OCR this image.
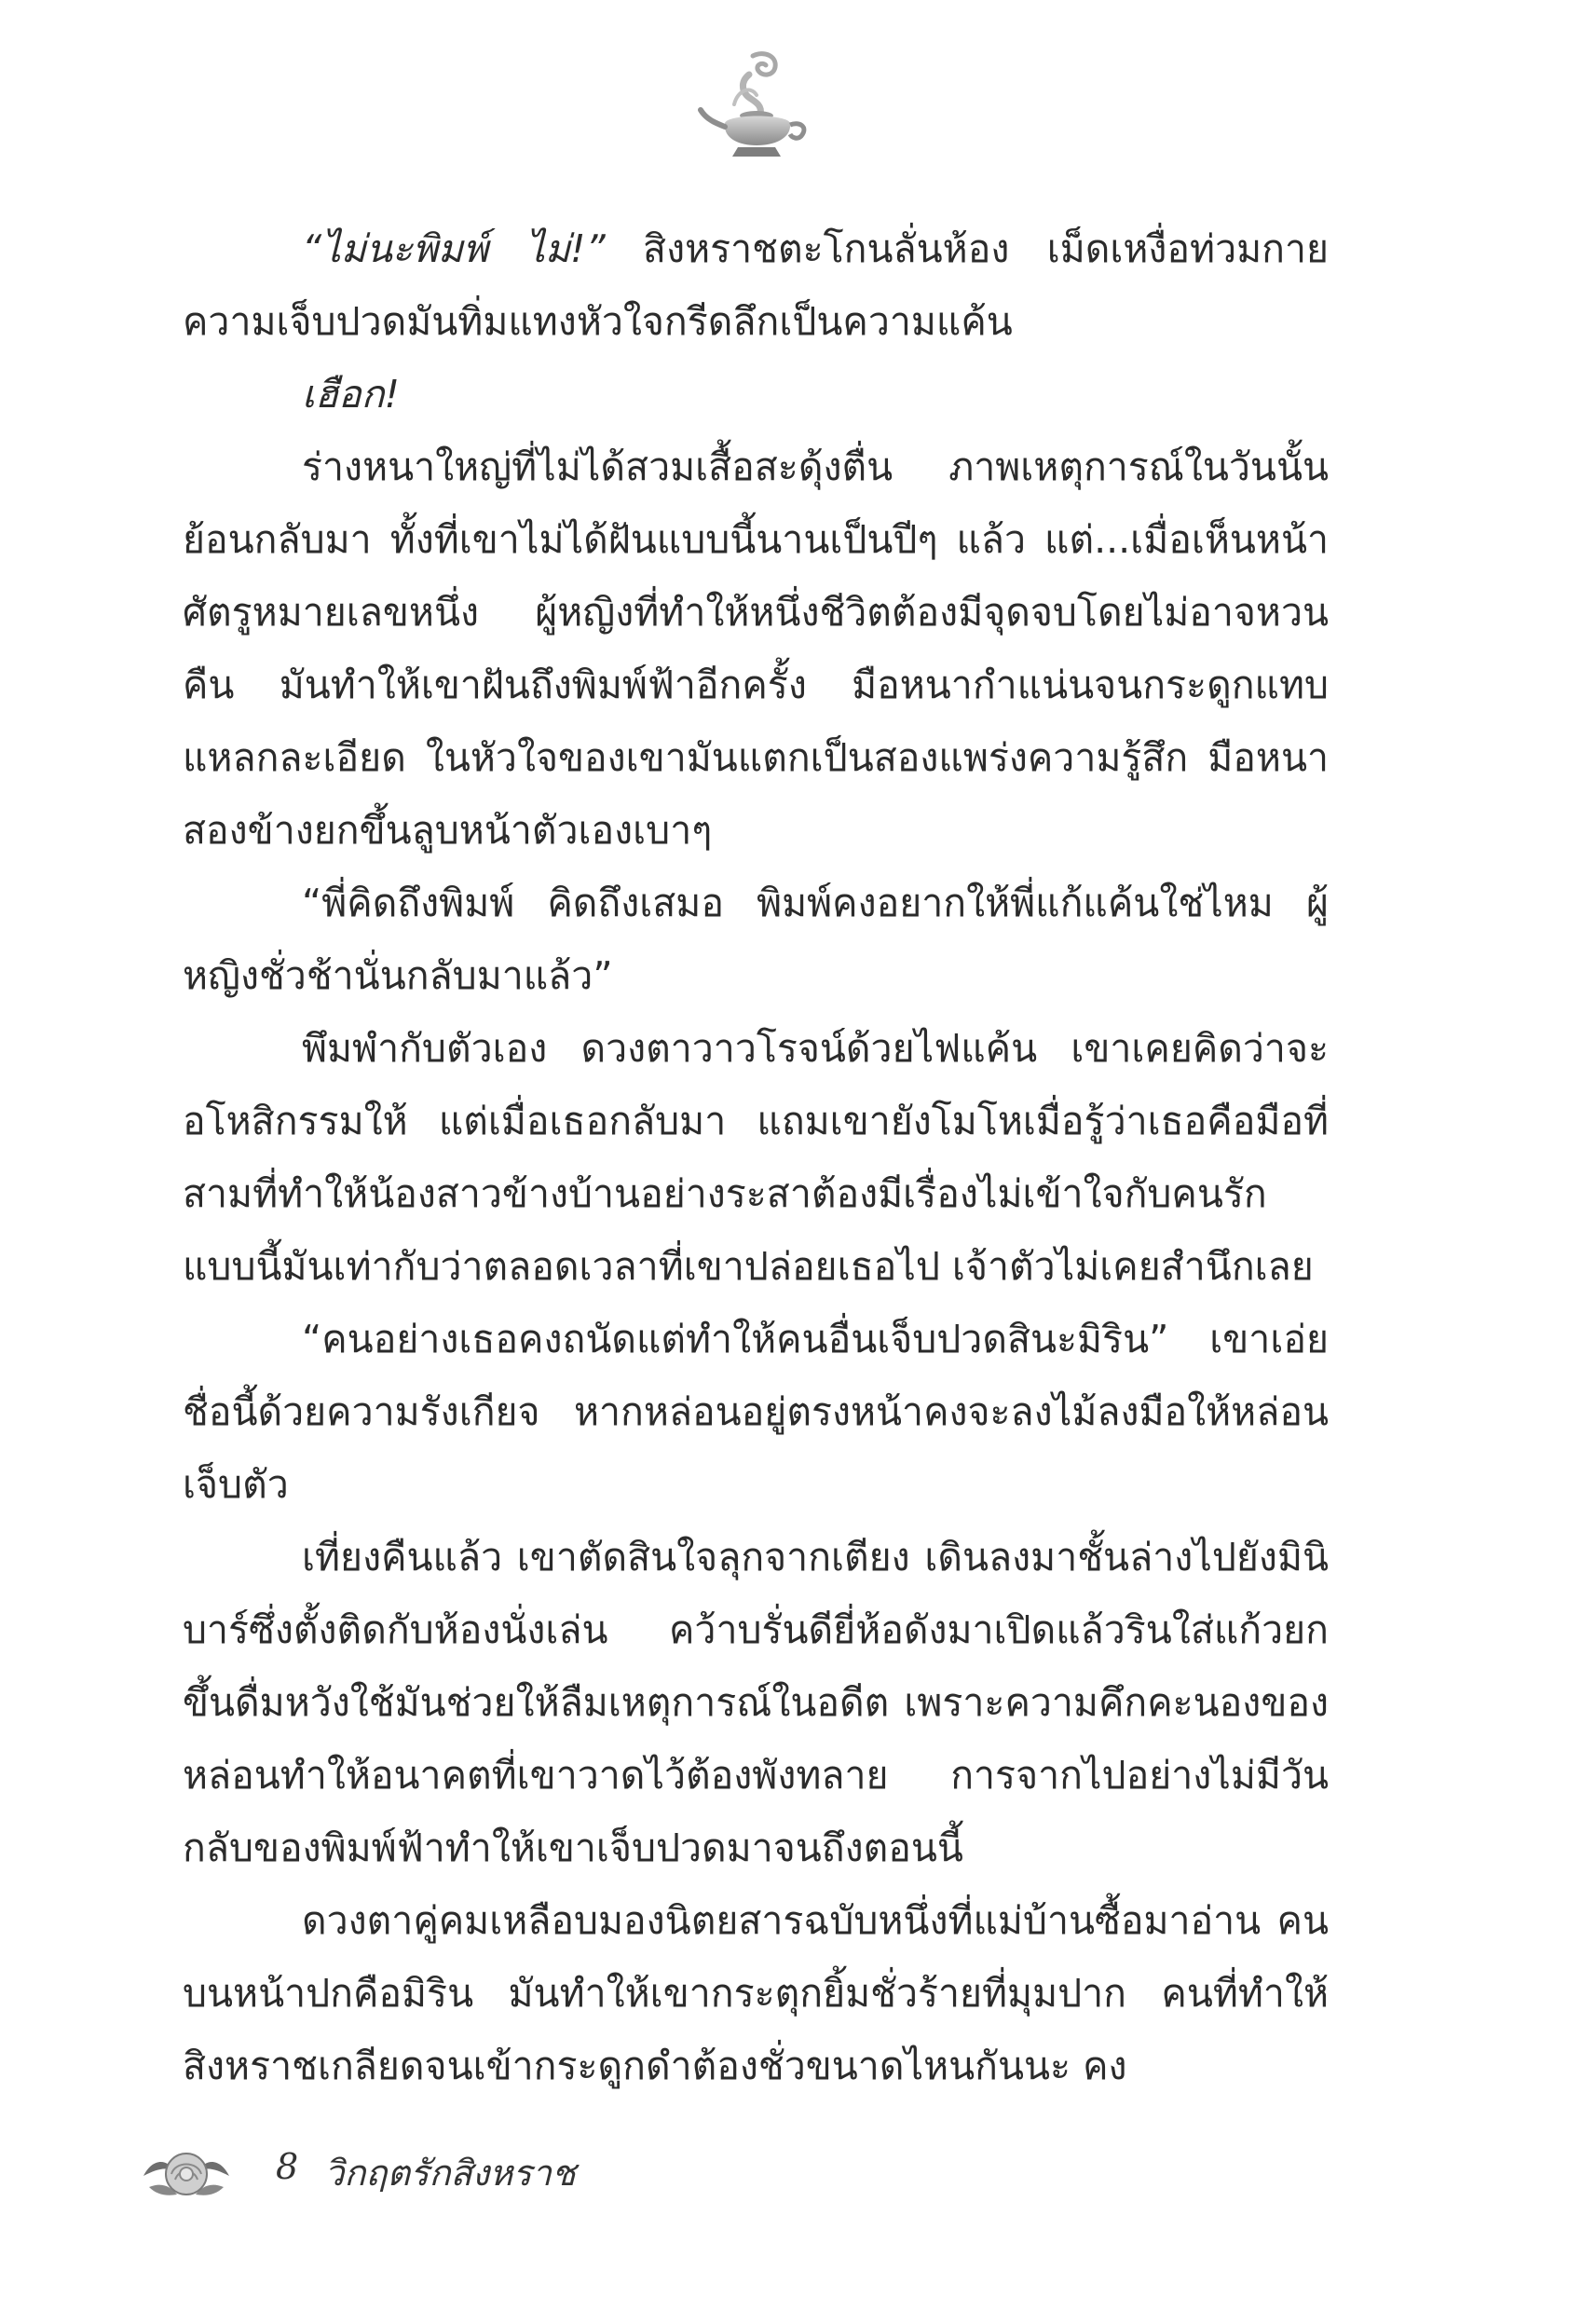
“ไม่นะพิมพ์ ไม่!” สิงหราชตะโกนลั่นห้อง เม็ดเหงื่อท่วมกาย ความเจ็บปวดมันทิ่มแทงหัวใจกรีดลึกเป็นความแค้น

เฮือก!

ร่างหนาใหญ่ที่ไม่ได้สวมเสื้อสะดุ้งตื่น ภาพเหตุการณ์ในวันนั้นย้อนกลับมา ทั้งที่เขาไม่ได้ฝันแบบนี้นานเป็นปีๆ แล้ว แต่...เมื่อเห็นหน้าศัตรูหมายเลขหนึ่ง ผู้หญิงที่ทำให้หนึ่งชีวิตต้องมีจุดจบโดยไม่อาจหวนคืน มันทำให้เขาฝันถึงพิมพ์ฟ้าอีกครั้ง มือหนากำแน่นจนกระดูกแทบแหลกละเอียด ในหัวใจของเขามันแตกเป็นสองแพร่งความรู้สึก มือหนาสองข้างยกขึ้นลูบหน้าตัวเองเบาๆ

“พี่คิดถึงพิมพ์ คิดถึงเสมอ พิมพ์คงอยากให้พี่แก้แค้นใช่ไหม ผู้หญิงชั่วช้านั่นกลับมาแล้ว”

พึมพำกับตัวเอง ดวงตาวาวโรจน์ด้วยไฟแค้น เขาเคยคิดว่าจะอโหสิกรรมให้ แต่เมื่อเธอกลับมา แถมเขายังโมโหเมื่อรู้ว่าเธอคือมือที่สามที่ทำให้น้องสาวข้างบ้านอย่างระสาต้องมีเรื่องไม่เข้าใจกับคนรักแบบนี้มันเท่ากับว่าตลอดเวลาที่เขาปล่อยเธอไป เจ้าตัวไม่เคยสำนึกเลย

“คนอย่างเธอคงถนัดแต่ทำให้คนอื่นเจ็บปวดสินะมิริน” เขาเอ่ยชื่อนี้ด้วยความรังเกียจ หากหล่อนอยู่ตรงหน้าคงจะลงไม้ลงมือให้หล่อนเจ็บตัว

เที่ยงคืนแล้ว เขาตัดสินใจลุกจากเตียง เดินลงมาชั้นล่างไปยังมินิบาร์ซึ่งตั้งติดกับห้องนั่งเล่น คว้าบรั่นดียี่ห้อดังมาเปิดแล้วรินใส่แก้วยกขึ้นดื่มหวังใช้มันช่วยให้ลืมเหตุการณ์ในอดีต เพราะความคึกคะนองของหล่อนทำให้อนาคตที่เขาวาดไว้ต้องพังทลาย การจากไปอย่างไม่มีวันกลับของพิมพ์ฟ้าทำให้เขาเจ็บปวดมาจนถึงตอนนี้

ดวงตาคู่คมเหลือบมองนิตยสารฉบับหนึ่งที่แม่บ้านซื้อมาอ่าน คนบนหน้าปกคือมิริน มันทำให้เขากระตุกยิ้มชั่วร้ายที่มุมปาก คนที่ทำให้สิงหราชเกลียดจนเข้ากระดูกดำต้องชั่วขนาดไหนกันนะ คง

8 วิกฤตรักสิงหราช
